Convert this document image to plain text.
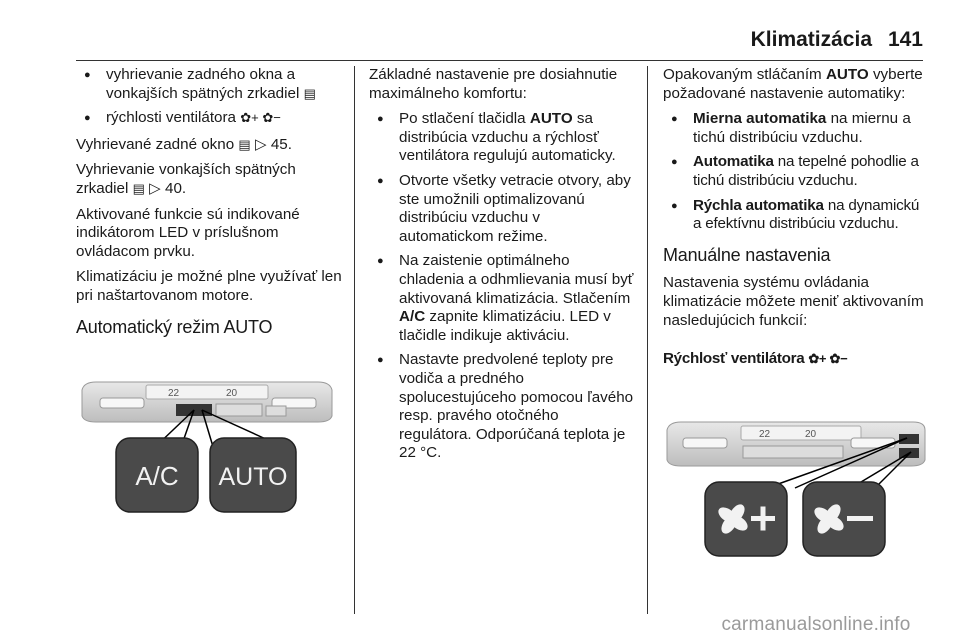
Klimatizácia 141
● vyhrievanie zadného okna a vonkajších spätných zrkadiel ▤
● rýchlosti ventilátora ✿+ ✿−

Vyhrievané zadné okno ▤ ▷ 45.

Vyhrievanie vonkajších spätných zrkadiel ▤ ▷ 40.

Aktivované funkcie sú indikované indikátorom LED v príslušnom ovládacom prvku.

Klimatizáciu je možné plne využívať len pri naštartovanom motore.

Automatický režim AUTO
22	20
A/C AUTO

Základné nastavenie pre dosiahnutie maximálneho komfortu:

● Po stlačení tlačidla AUTO sa distribúcia vzduchu a rýchlosť ventilátora regulujú automaticky.
● Otvorte všetky vetracie otvory, aby ste umožnili optimalizovanú distribúciu vzduchu v automatickom režime.
● Na zaistenie optimálneho chladenia a odhmlievania musí byť aktivovaná klimatizácia. Stlačením A/C zapnite klimatizáciu. LED v tlačidle indikuje aktiváciu.
● Nastavte predvolené teploty pre vodiča a predného spolucestujúceho pomocou ľavého resp. pravého otočného regulátora. Odporúčaná teplota je 22 °C.

Opakovaným stláčaním AUTO vyberte požadované nastavenie automatiky:

● Mierna automatika na miernu a tichú distribúciu vzduchu.
● Automatika na tepelné pohodlie a tichú distribúciu vzduchu.
● Rýchla automatika na dynamickú a efektívnu distribúciu vzduchu.
Manuálne nastavenia

Nastavenia systému ovládania klimatizácie môžete meniť aktivovaním nasledujúcich funkcií:

Rýchlosť ventilátora ✿+ ✿−
22	20
carmanualsonline.info
